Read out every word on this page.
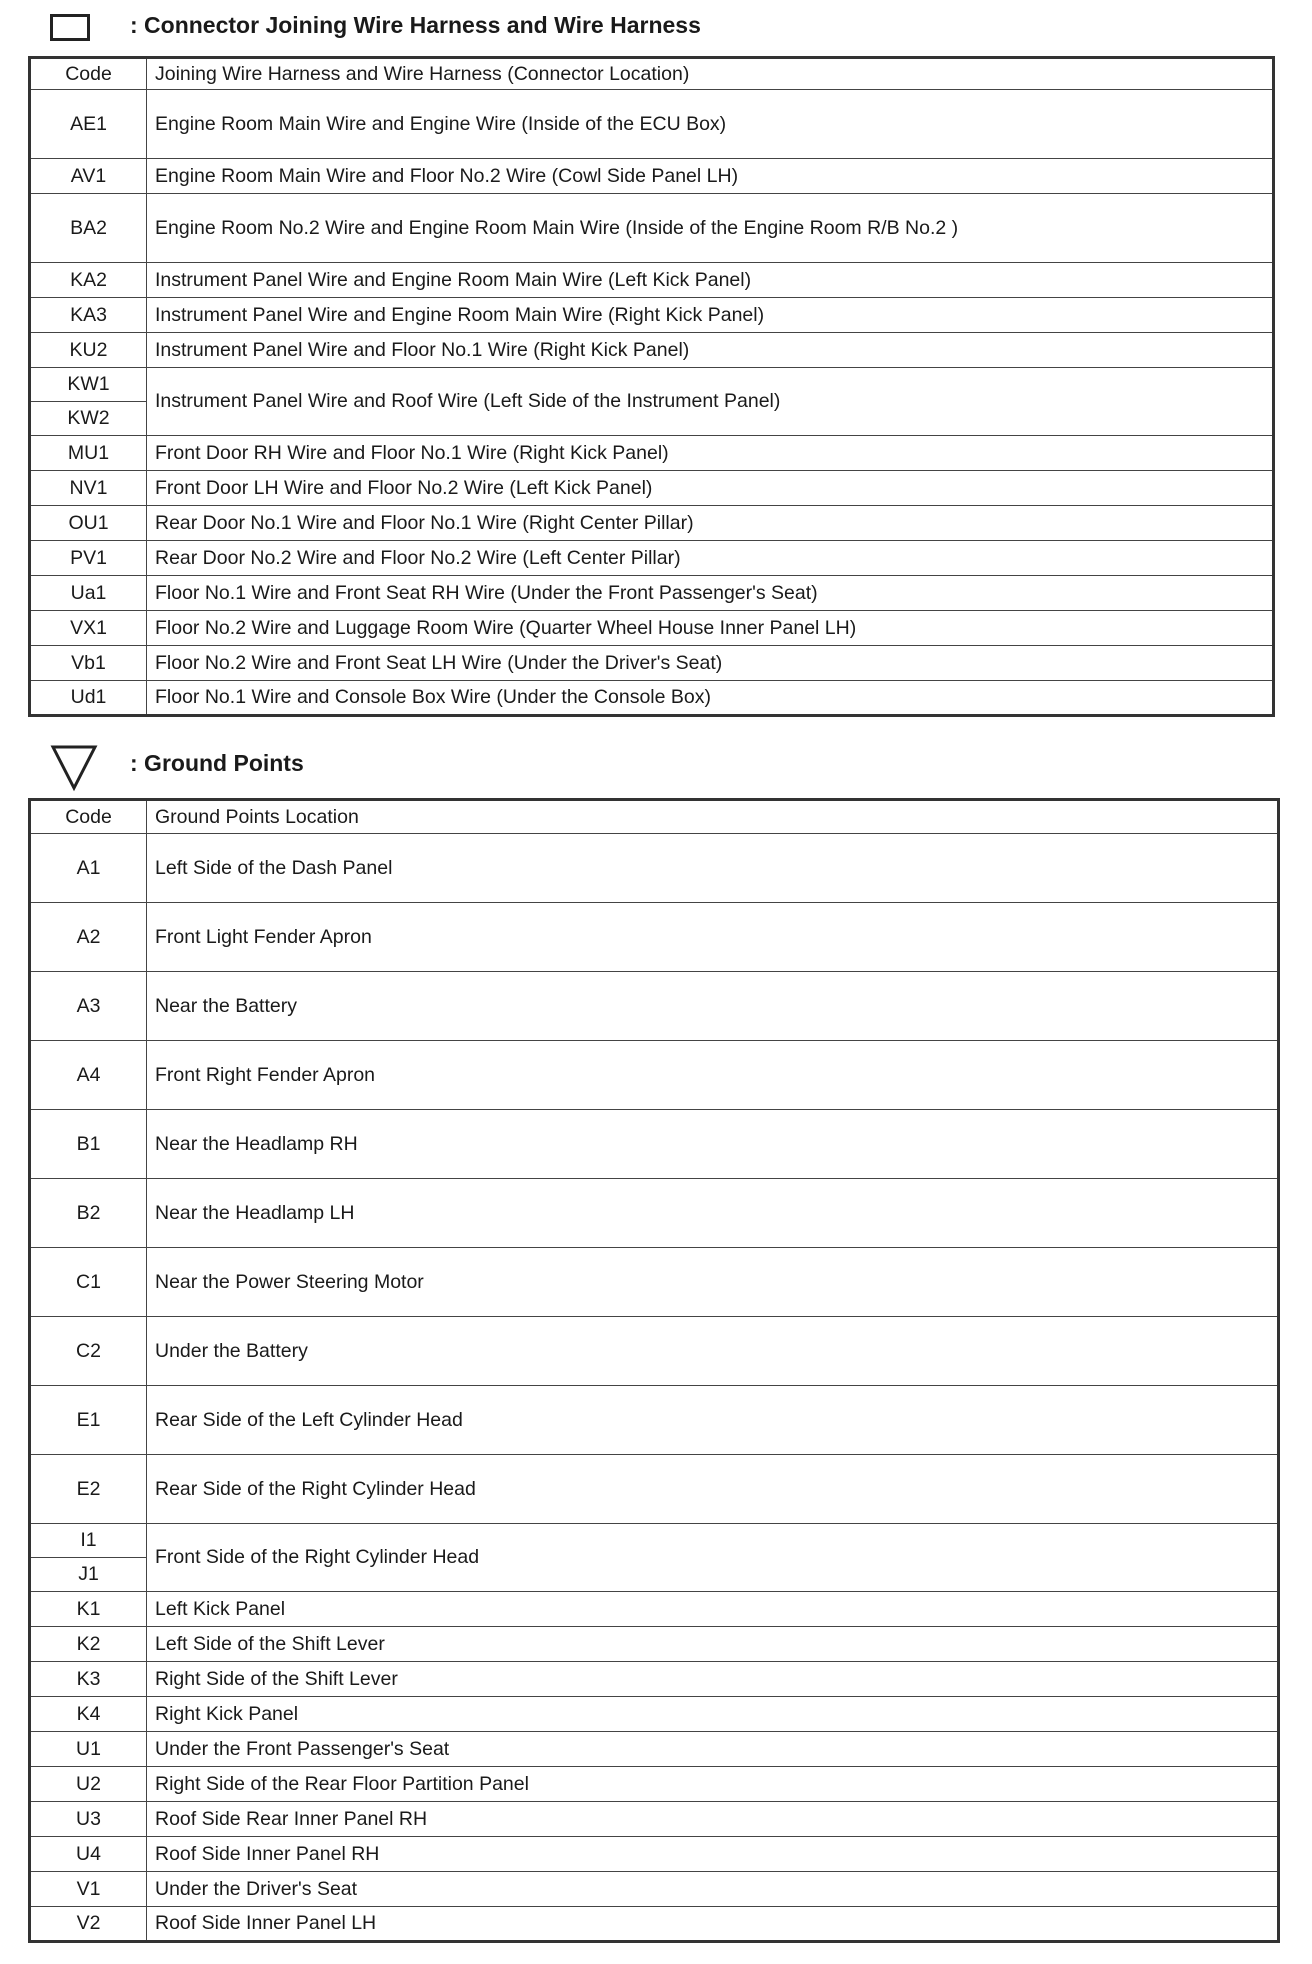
: Connector Joining Wire Harness and Wire Harness
Code	Joining Wire Harness and Wire Harness (Connector Location)
AE1	Engine Room Main Wire and Engine Wire (Inside of the ECU Box)
AV1	Engine Room Main Wire and Floor No.2 Wire (Cowl Side Panel LH)
BA2	Engine Room No.2 Wire and Engine Room Main Wire (Inside of the Engine Room R/B No.2 )
KA2	Instrument Panel Wire and Engine Room Main Wire (Left Kick Panel)
KA3	Instrument Panel Wire and Engine Room Main Wire (Right Kick Panel)
KU2	Instrument Panel Wire and Floor No.1 Wire (Right Kick Panel)
KW1	Instrument Panel Wire and Roof Wire (Left Side of the Instrument Panel)
KW2	
MU1	Front Door RH Wire and Floor No.1 Wire (Right Kick Panel)
NV1	Front Door LH Wire and Floor No.2 Wire (Left Kick Panel)
OU1	Rear Door No.1 Wire and Floor No.1 Wire (Right Center Pillar)
PV1	Rear Door No.2 Wire and Floor No.2 Wire (Left Center Pillar)
Ua1	Floor No.1 Wire and Front Seat RH Wire (Under the Front Passenger's Seat)
VX1	Floor No.2 Wire and Luggage Room Wire (Quarter Wheel House Inner Panel LH)
Vb1	Floor No.2 Wire and Front Seat LH Wire (Under the Driver's Seat)
Ud1	Floor No.1 Wire and Console Box Wire (Under the Console Box)
: Ground Points
Code	Ground Points Location
A1	Left Side of the Dash Panel
A2	Front Light Fender Apron
A3	Near the Battery
A4	Front Right Fender Apron
B1	Near the Headlamp RH
B2	Near the Headlamp LH
C1	Near the Power Steering Motor
C2	Under the Battery
E1	Rear Side of the Left Cylinder Head
E2	Rear Side of the Right Cylinder Head
I1	Front Side of the Right Cylinder Head
J1	
K1	Left Kick Panel
K2	Left Side of the Shift Lever
K3	Right Side of the Shift Lever
K4	Right Kick Panel
U1	Under the Front Passenger's Seat
U2	Right Side of the Rear Floor Partition Panel
U3	Roof Side Rear Inner Panel RH
U4	Roof Side Inner Panel RH
V1	Under the Driver's Seat
V2	Roof Side Inner Panel LH
